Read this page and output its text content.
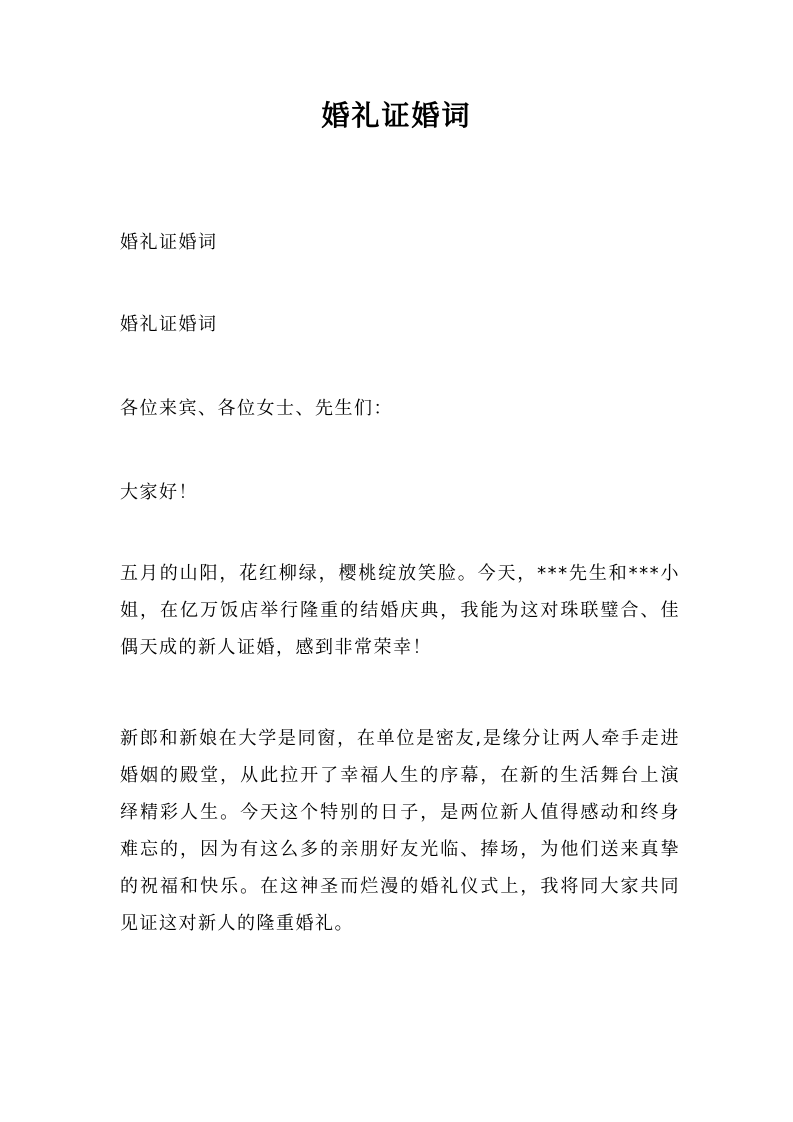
婚礼证婚词

婚礼证婚词

婚礼证婚词

各位来宾、各位女士、先生们：

大家好！

五月的山阳，花红柳绿，樱桃绽放笑脸。今天，***先生和***小姐，在亿万饭店举行隆重的结婚庆典，我能为这对珠联璧合、佳偶天成的新人证婚，感到非常荣幸！

新郎和新娘在大学是同窗，在单位是密友,是缘分让两人牵手走进婚姻的殿堂，从此拉开了幸福人生的序幕，在新的生活舞台上演绎精彩人生。今天这个特别的日子，是两位新人值得感动和终身难忘的，因为有这么多的亲朋好友光临、捧场，为他们送来真挚的祝福和快乐。在这神圣而烂漫的婚礼仪式上，我将同大家共同见证这对新人的隆重婚礼。
